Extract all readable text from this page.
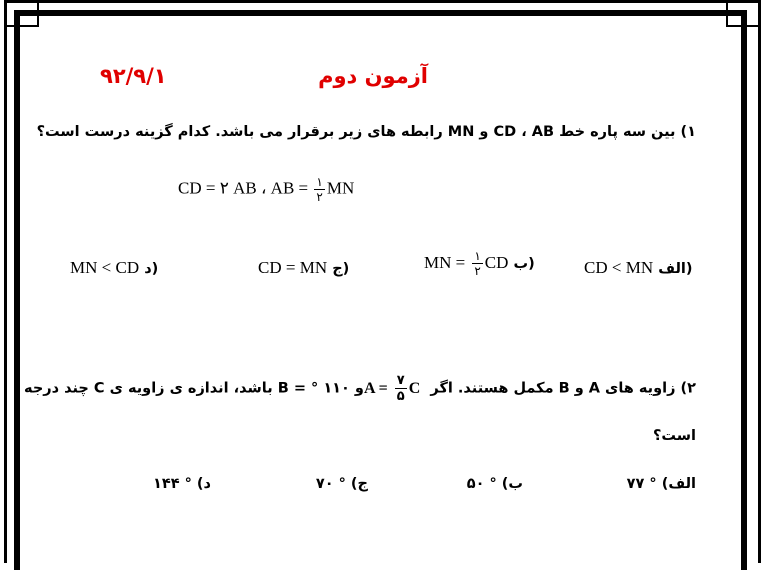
۹۲/۹/۱	آزمون دوم
۱) بین سه پاره خط CD ، AB و MN رابطه های زیر برقرار می باشد. کدام گزینه درست است؟
CD = ۲ AB ، AB = $\frac{۱}{۲}$ MN
CD < MN الف)
MN = $\frac{۱}{۲}$ CD ب)
CD = MN ج)
MN < CD د)
۲) زاویه های A و B مکمل هستند. اگر $A = \frac{۷}{۵}$ C و ۱۱۰ ° = B باشد، اندازه ی زاویه ی C چند درجه
است؟
الف) ° ۷۷
ب) ° ۵۰
ج) ° ۷۰
د) ° ۱۴۴
